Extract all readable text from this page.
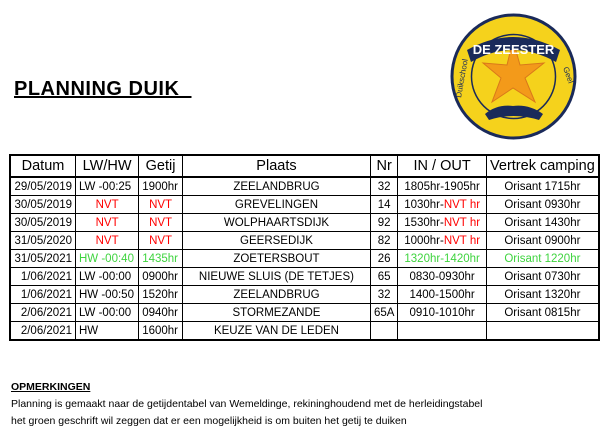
PLANNING DUIK
DE ZEESTER
Duikschool	Geel
Datum	LW/HW	Getij	Plaats	Nr	IN / OUT	Vertrek camping
29/05/2019	LW -00:25	1900hr	ZEELANDBRUG	32	1805hr-1905hr	Orisant 1715hr
30/05/2019	NVT	NVT	GREVELINGEN	14	1030hr-NVT hr	Orisant 0930hr
30/05/2019	NVT	NVT	WOLPHAARTSDIJK	92	1530hr-NVT hr	Orisant 1430hr
31/05/2020	NVT	NVT	GEERSEDIJK	82	1000hr-NVT hr	Orisant 0900hr
31/05/2021	HW -00:40	1435hr	ZOETERSBOUT	26	1320hr-1420hr	Orisant 1220hr
1/06/2021	LW -00:00	0900hr	NIEUWE SLUIS (DE TETJES)	65	0830-0930hr	Orisant 0730hr
1/06/2021	HW -00:50	1520hr	ZEELANDBRUG	32	1400-1500hr	Orisant 1320hr
2/06/2021	LW -00:00	0940hr	STORMEZANDE	65A	0910-1010hr	Orisant 0815hr
2/06/2021	HW	1600hr	KEUZE VAN DE LEDEN			
OPMERKINGEN
Planning is gemaakt naar de getijdentabel van Wemeldinge, rekininghoudend met de herleidingstabel
het groen geschrift wil zeggen dat er een mogelijkheid is om buiten het getij te duiken
